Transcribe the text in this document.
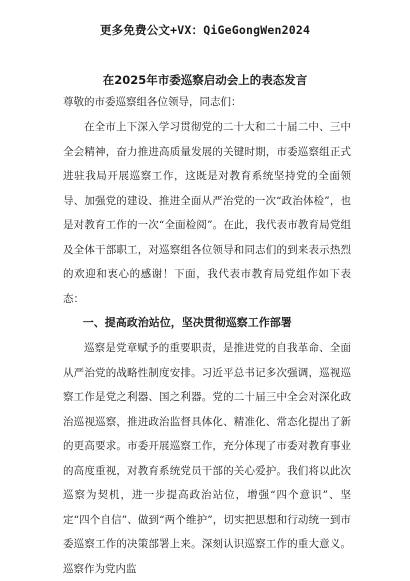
更多免费公文+VX：QiGeGongWen2024
在2025年市委巡察启动会上的表态发言
尊敬的市委巡察组各位领导，同志们：

在全市上下深入学习贯彻党的二十大和二十届二中、三中全会精神，奋力推进高质量发展的关键时期，市委巡察组正式进驻我局开展巡察工作，这既是对教育系统坚持党的全面领导、加强党的建设、推进全面从严治党的一次“政治体检”，也是对教育工作的一次“全面检阅”。在此，我代表市教育局党组及全体干部职工，对巡察组各位领导和同志们的到来表示热烈的欢迎和衷心的感谢！下面，我代表市教育局党组作如下表态：

一、提高政治站位，坚决贯彻巡察工作部署

巡察是党章赋予的重要职责，是推进党的自我革命、全面从严治党的战略性制度安排。习近平总书记多次强调，巡视巡察工作是党之利器、国之利器。党的二十届三中全会对深化政治巡视巡察，推进政治监督具体化、精准化、常态化提出了新的更高要求。市委开展巡察工作，充分体现了市委对教育事业的高度重视，对教育系统党员干部的关心爱护。我们将以此次巡察为契机，进一步提高政治站位，增强“四个意识”、坚定“四个自信”、做到“两个维护”，切实把思想和行动统一到市委巡察工作的决策部署上来。深刻认识巡察工作的重大意义。巡察作为党内监
